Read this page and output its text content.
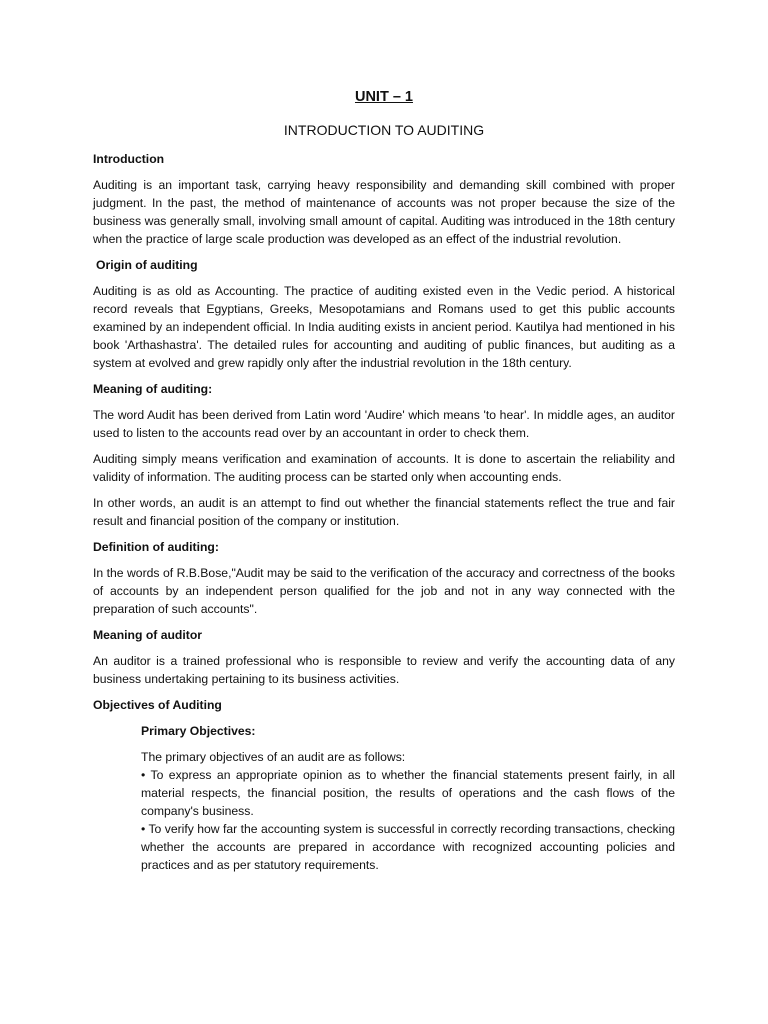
UNIT – 1
INTRODUCTION TO AUDITING
Introduction

Auditing is an important task, carrying heavy responsibility and demanding skill combined with proper judgment. In the past, the method of maintenance of accounts was not proper because the size of the business was generally small, involving small amount of capital. Auditing was introduced in the 18th century when the practice of large scale production was developed as an effect of the industrial revolution.

Origin of auditing

Auditing is as old as Accounting. The practice of auditing existed even in the Vedic period. A historical record reveals that Egyptians, Greeks, Mesopotamians and Romans used to get this public accounts examined by an independent official. In India auditing exists in ancient period. Kautilya had mentioned in his book 'Arthashastra'. The detailed rules for accounting and auditing of public finances, but auditing as a system at evolved and grew rapidly only after the industrial revolution in the 18th century.

Meaning of auditing:

The word Audit has been derived from Latin word 'Audire' which means 'to hear'. In middle ages, an auditor used to listen to the accounts read over by an accountant in order to check them.

Auditing simply means verification and examination of accounts. It is done to ascertain the reliability and validity of information. The auditing process can be started only when accounting ends.

In other words, an audit is an attempt to find out whether the financial statements reflect the true and fair result and financial position of the company or institution.

Definition of auditing:

In the words of R.B.Bose,"Audit may be said to the verification of the accuracy and correctness of the books of accounts by an independent person qualified for the job and not in any way connected with the preparation of such accounts".

Meaning of auditor

An auditor is a trained professional who is responsible to review and verify the accounting data of any business undertaking pertaining to its business activities.

Objectives of Auditing
Primary Objectives:

The primary objectives of an audit are as follows:

• To express an appropriate opinion as to whether the financial statements present fairly, in all material respects, the financial position, the results of operations and the cash flows of the company's business.

• To verify how far the accounting system is successful in correctly recording transactions, checking whether the accounts are prepared in accordance with recognized accounting policies and practices and as per statutory requirements.
